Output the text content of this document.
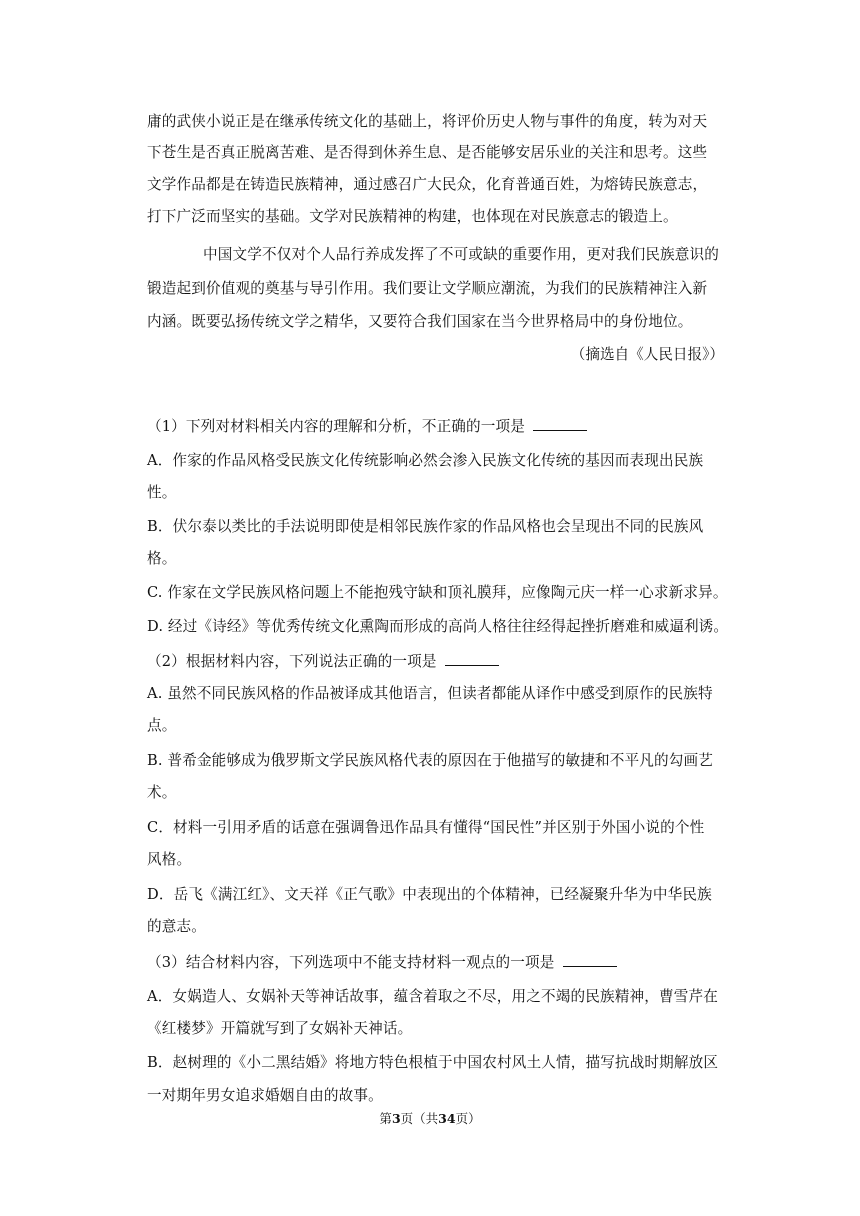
庸的武侠小说正是在继承传统文化的基础上，将评价历史人物与事件的角度，转为对天
下苍生是否真正脱离苦难、是否得到休养生息、是否能够安居乐业的关注和思考。这些
文学作品都是在铸造民族精神，通过感召广大民众，化育普通百姓，为熔铸民族意志，
打下广泛而坚实的基础。文学对民族精神的构建，也体现在对民族意志的锻造上。
中国文学不仅对个人品行养成发挥了不可或缺的重要作用，更对我们民族意识的
锻造起到价值观的奠基与导引作用。我们要让文学顺应潮流，为我们的民族精神注入新
内涵。既要弘扬传统文学之精华，又要符合我们国家在当今世界格局中的身份地位。
（摘选自《人民日报》）
（1）下列对材料相关内容的理解和分析，不正确的一项是
A．作家的作品风格受民族文化传统影响必然会渗入民族文化传统的基因而表现出民族
性。
B．伏尔泰以类比的手法说明即使是相邻民族作家的作品风格也会呈现出不同的民族风
格。
C. 作家在文学民族风格问题上不能抱残守缺和顶礼膜拜，应像陶元庆一样一心求新求异。
D. 经过《诗经》等优秀传统文化熏陶而形成的高尚人格往往经得起挫折磨难和威逼利诱。
（2）根据材料内容，下列说法正确的一项是
A. 虽然不同民族风格的作品被译成其他语言，但读者都能从译作中感受到原作的民族特
点。
B. 普希金能够成为俄罗斯文学民族风格代表的原因在于他描写的敏捷和不平凡的勾画艺
术。
C．材料一引用矛盾的话意在强调鲁迅作品具有懂得“国民性”并区别于外国小说的个性
风格。
D．岳飞《满江红》、文天祥《正气歌》中表现出的个体精神，已经凝聚升华为中华民族
的意志。
（3）结合材料内容，下列选项中不能支持材料一观点的一项是
A．女娲造人、女娲补天等神话故事，蕴含着取之不尽，用之不竭的民族精神，曹雪芹在
《红楼梦》开篇就写到了女娲补天神话。
B．赵树理的《小二黑结婚》将地方特色根植于中国农村风土人情，描写抗战时期解放区
一对期年男女追求婚姻自由的故事。
第3页（共34页）
